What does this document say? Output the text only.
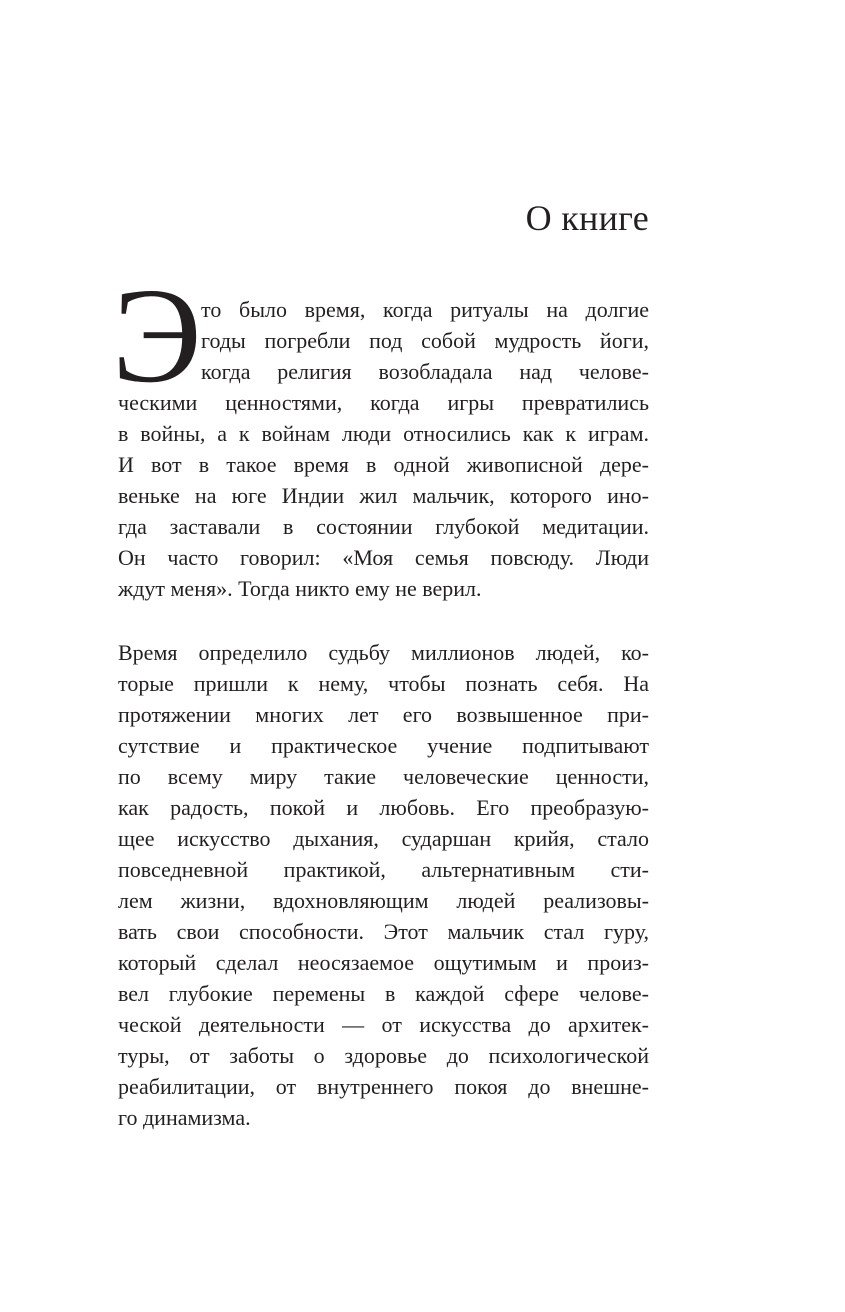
О книге
Э то было время, когда ритуалы на долгие
годы погребли под собой мудрость йоги,
когда религия возобладала над челове-
ческими ценностями, когда игры превратились
в войны, а к войнам люди относились как к играм.
И вот в такое время в одной живописной дере-
веньке на юге Индии жил мальчик, которого ино-
гда заставали в состоянии глубокой медитации.
Он часто говорил: «Моя семья повсюду. Люди
ждут меня». Тогда никто ему не верил.
Время определило судьбу миллионов людей, ко-
торые пришли к нему, чтобы познать себя. На
протяжении многих лет его возвышенное при-
сутствие и практическое учение подпитывают
по всему миру такие человеческие ценности,
как радость, покой и любовь. Его преобразую-
щее искусство дыхания, сударшан крийя, стало
повседневной практикой, альтернативным сти-
лем жизни, вдохновляющим людей реализовы-
вать свои способности. Этот мальчик стал гуру,
который сделал неосязаемое ощутимым и произ-
вел глубокие перемены в каждой сфере челове-
ческой деятельности — от искусства до архитек-
туры, от заботы о здоровье до психологической
реабилитации, от внутреннего покоя до внешне-
го динамизма.
